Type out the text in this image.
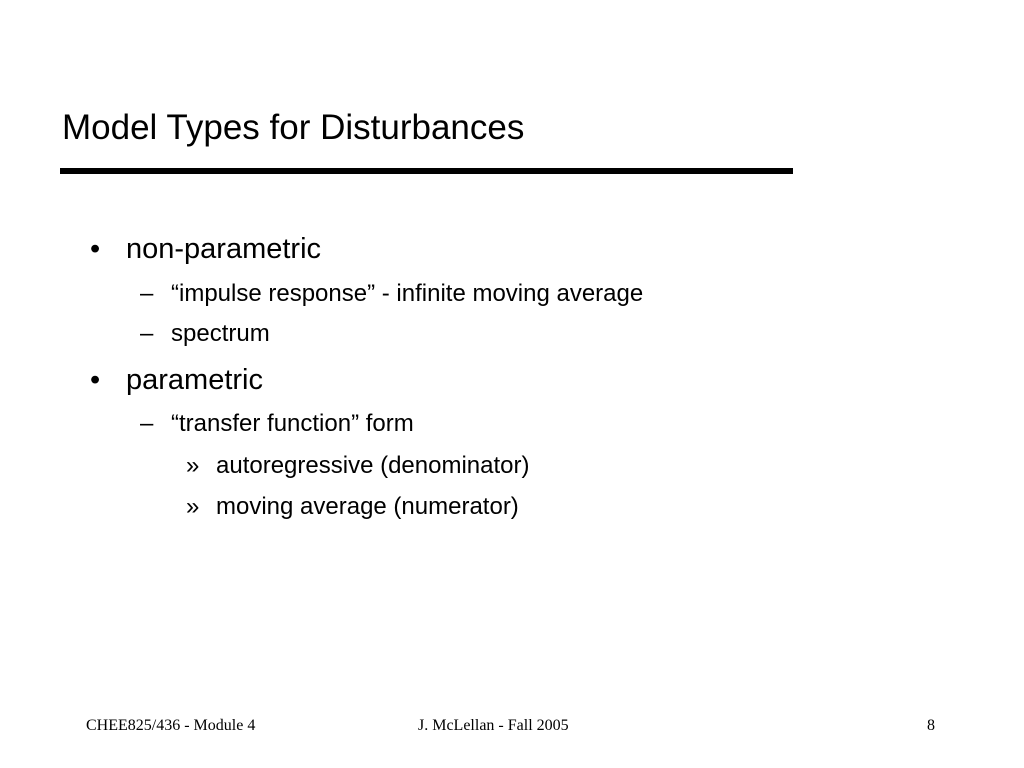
Model Types for Disturbances
• non-parametric
– “impulse response” - infinite moving average
– spectrum
• parametric
– “transfer function” form
» autoregressive (denominator)
» moving average (numerator)
CHEE825/436 - Module 4	J. McLellan - Fall 2005	8
